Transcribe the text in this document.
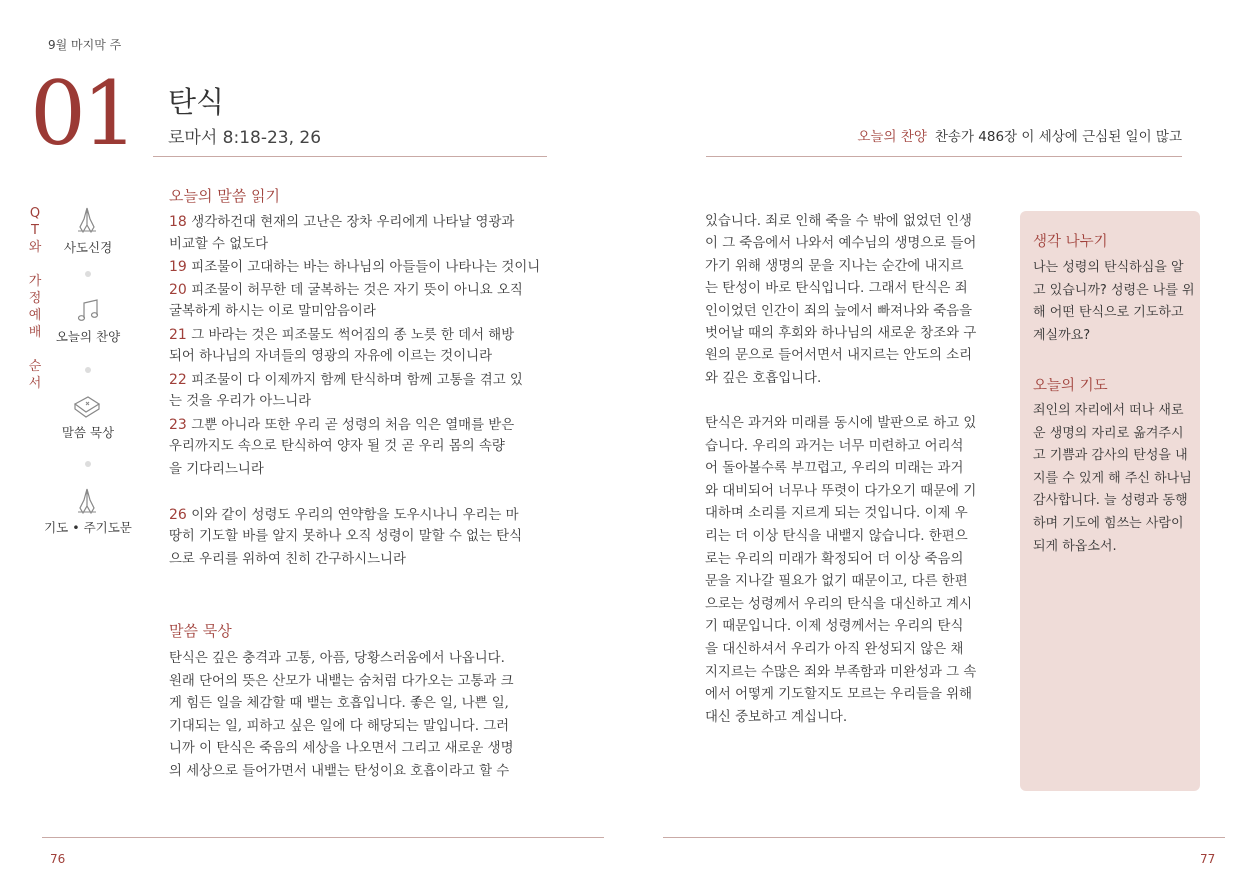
9월 마지막 주
01 탄식
로마서 8:18-23, 26	오늘의 찬양 찬송가 486장 이 세상에 근심된 일이 많고
Q
T
와
가
정
예
배
순
서
사도신경
오늘의 찬양
말씀 묵상
기도 • 주기도문
오늘의 말씀 읽기
18 생각하건대 현재의 고난은 장차 우리에게 나타날 영광과
비교할 수 없도다
19 피조물이 고대하는 바는 하나님의 아들들이 나타나는 것이니
20 피조물이 허무한 데 굴복하는 것은 자기 뜻이 아니요 오직
굴복하게 하시는 이로 말미암음이라
21 그 바라는 것은 피조물도 썩어짐의 종 노릇 한 데서 해방
되어 하나님의 자녀들의 영광의 자유에 이르는 것이니라
22 피조물이 다 이제까지 함께 탄식하며 함께 고통을 겪고 있
는 것을 우리가 아느니라
23 그뿐 아니라 또한 우리 곧 성령의 처음 익은 열매를 받은
우리까지도 속으로 탄식하여 양자 될 것 곧 우리 몸의 속량
을 기다리느니라
26 이와 같이 성령도 우리의 연약함을 도우시나니 우리는 마
땅히 기도할 바를 알지 못하나 오직 성령이 말할 수 없는 탄식
으로 우리를 위하여 친히 간구하시느니라
말씀 묵상
탄식은 깊은 충격과 고통, 아픔, 당황스러움에서 나옵니다.
원래 단어의 뜻은 산모가 내뱉는 숨처럼 다가오는 고통과 크
게 힘든 일을 체감할 때 뱉는 호흡입니다. 좋은 일, 나쁜 일,
기대되는 일, 피하고 싶은 일에 다 해당되는 말입니다. 그러
니까 이 탄식은 죽음의 세상을 나오면서 그리고 새로운 생명
의 세상으로 들어가면서 내뱉는 탄성이요 호흡이라고 할 수
있습니다. 죄로 인해 죽을 수 밖에 없었던 인생
이 그 죽음에서 나와서 예수님의 생명으로 들어
가기 위해 생명의 문을 지나는 순간에 내지르
는 탄성이 바로 탄식입니다. 그래서 탄식은 죄
인이었던 인간이 죄의 늪에서 빠져나와 죽음을
벗어날 때의 후회와 하나님의 새로운 창조와 구
원의 문으로 들어서면서 내지르는 안도의 소리
와 깊은 호흡입니다.
탄식은 과거와 미래를 동시에 발판으로 하고 있
습니다. 우리의 과거는 너무 미련하고 어리석
어 돌아볼수록 부끄럽고, 우리의 미래는 과거
와 대비되어 너무나 뚜렷이 다가오기 때문에 기
대하며 소리를 지르게 되는 것입니다. 이제 우
리는 더 이상 탄식을 내뱉지 않습니다. 한편으
로는 우리의 미래가 확정되어 더 이상 죽음의
문을 지나갈 필요가 없기 때문이고, 다른 한편
으로는 성령께서 우리의 탄식을 대신하고 계시
기 때문입니다. 이제 성령께서는 우리의 탄식
을 대신하셔서 우리가 아직 완성되지 않은 채
지지르는 수많은 죄와 부족함과 미완성과 그 속
에서 어떻게 기도할지도 모르는 우리들을 위해
대신 중보하고 계십니다.
생각 나누기
나는 성령의 탄식하심을 알
고 있습니까? 성령은 나를 위
해 어떤 탄식으로 기도하고
계실까요?
오늘의 기도
죄인의 자리에서 떠나 새로
운 생명의 자리로 옮겨주시
고 기쁨과 감사의 탄성을 내
지를 수 있게 해 주신 하나님
감사합니다. 늘 성령과 동행
하며 기도에 힘쓰는 사람이
되게 하옵소서.
76	77
